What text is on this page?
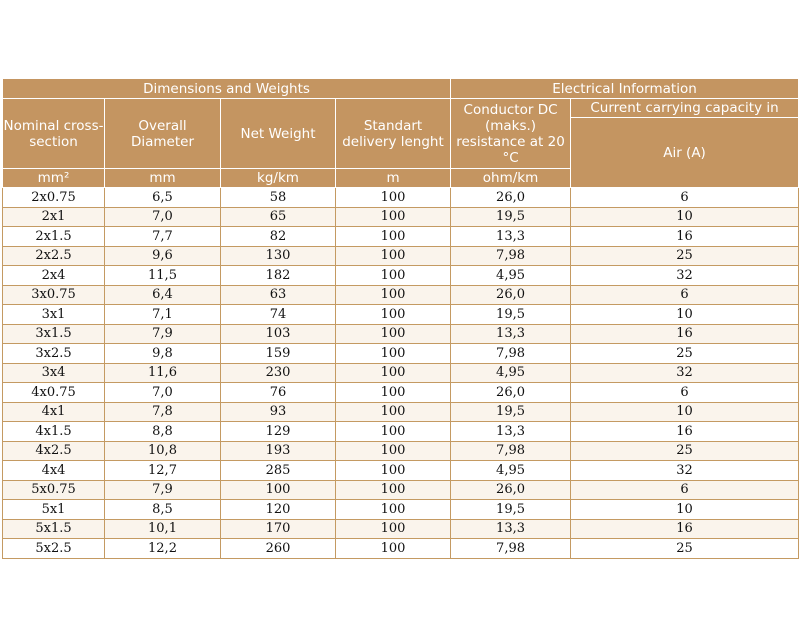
Dimensions and Weights				Electrical Information	
Nominal cross-section	Overall Diameter	Net Weight	Standart delivery lenght	Conductor DC (maks.) resistance at 20 °C	Current carrying capacity in
					Air (A)
mm²	mm	kg/km	m	ohm/km	
2x0.75	6,5	58	100	26,0	6
2x1	7,0	65	100	19,5	10
2x1.5	7,7	82	100	13,3	16
2x2.5	9,6	130	100	7,98	25
2x4	11,5	182	100	4,95	32
3x0.75	6,4	63	100	26,0	6
3x1	7,1	74	100	19,5	10
3x1.5	7,9	103	100	13,3	16
3x2.5	9,8	159	100	7,98	25
3x4	11,6	230	100	4,95	32
4x0.75	7,0	76	100	26,0	6
4x1	7,8	93	100	19,5	10
4x1.5	8,8	129	100	13,3	16
4x2.5	10,8	193	100	7,98	25
4x4	12,7	285	100	4,95	32
5x0.75	7,9	100	100	26,0	6
5x1	8,5	120	100	19,5	10
5x1.5	10,1	170	100	13,3	16
5x2.5	12,2	260	100	7,98	25
